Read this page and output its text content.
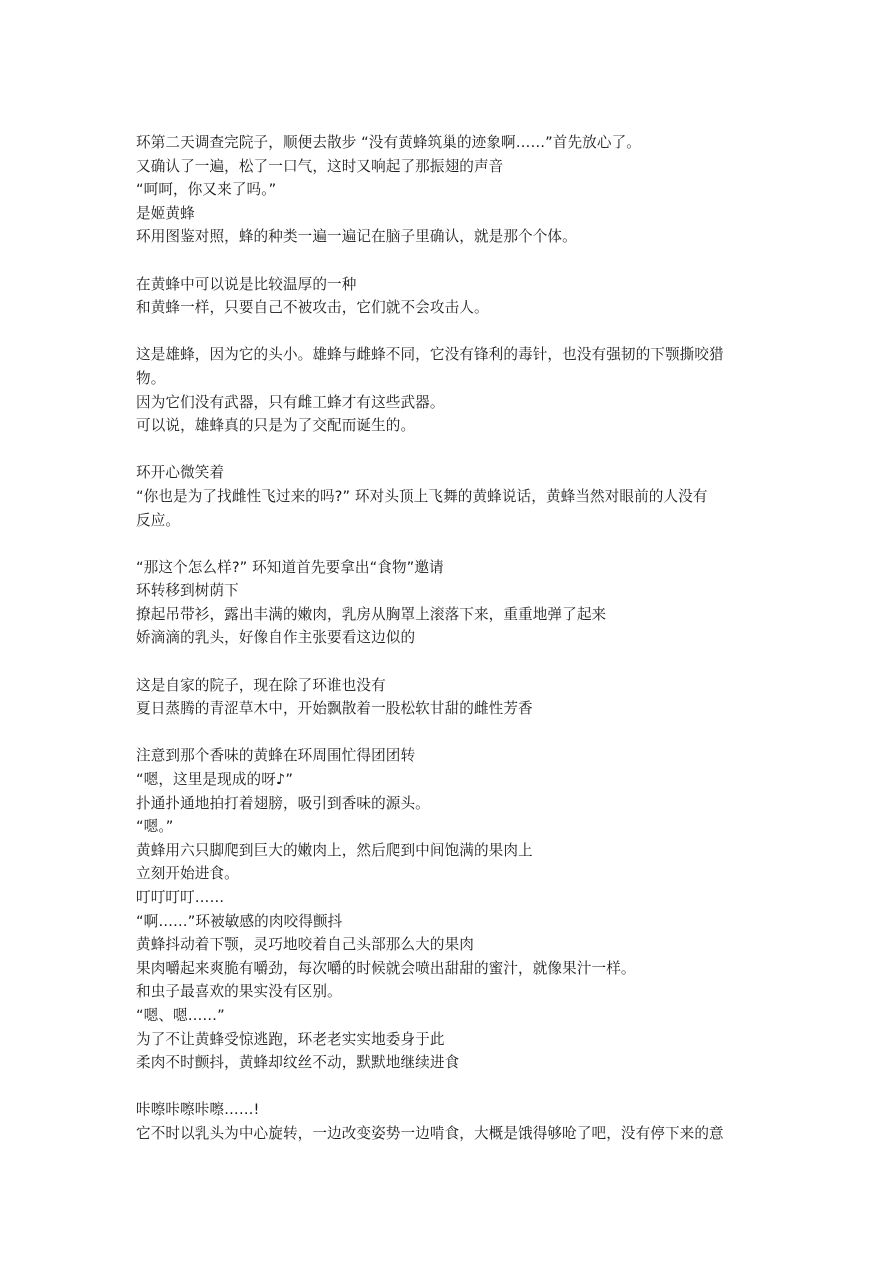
环第二天调查完院子，顺便去散步 “没有黄蜂筑巢的迹象啊……”首先放心了。
又确认了一遍，松了一口气，这时又响起了那振翅的声音
“呵呵，你又来了吗。”
是姬黄蜂
环用图鉴对照，蜂的种类一遍一遍记在脑子里确认，就是那个个体。
在黄蜂中可以说是比较温厚的一种
和黄蜂一样，只要自己不被攻击，它们就不会攻击人。
这是雄蜂，因为它的头小。雄蜂与雌蜂不同，它没有锋利的毒针，也没有强韧的下颚撕咬猎
物。
因为它们没有武器，只有雌工蜂才有这些武器。
可以说，雄蜂真的只是为了交配而诞生的。
环开心微笑着
“你也是为了找雌性飞过来的吗?” 环对头顶上飞舞的黄蜂说话，黄蜂当然对眼前的人没有
反应。
“那这个怎么样?” 环知道首先要拿出“食物”邀请
环转移到树荫下
撩起吊带衫，露出丰满的嫩肉，乳房从胸罩上滚落下来，重重地弹了起来
娇滴滴的乳头，好像自作主张要看这边似的
这是自家的院子，现在除了环谁也没有
夏日蒸腾的青涩草木中，开始飘散着一股松软甘甜的雌性芳香
注意到那个香味的黄蜂在环周围忙得团团转
“嗯，这里是现成的呀♪”
扑通扑通地拍打着翅膀，吸引到香味的源头。
“嗯。”
黄蜂用六只脚爬到巨大的嫩肉上，然后爬到中间饱满的果肉上
立刻开始进食。
叮叮叮叮……
“啊……”环被敏感的肉咬得颤抖
黄蜂抖动着下颚，灵巧地咬着自己头部那么大的果肉
果肉嚼起来爽脆有嚼劲，每次嚼的时候就会喷出甜甜的蜜汁，就像果汁一样。
和虫子最喜欢的果实没有区别。
“嗯、嗯……”
为了不让黄蜂受惊逃跑，环老老实实地委身于此
柔肉不时颤抖，黄蜂却纹丝不动，默默地继续进食
咔嚓咔嚓咔嚓……!
它不时以乳头为中心旋转，一边改变姿势一边啃食，大概是饿得够呛了吧，没有停下来的意
